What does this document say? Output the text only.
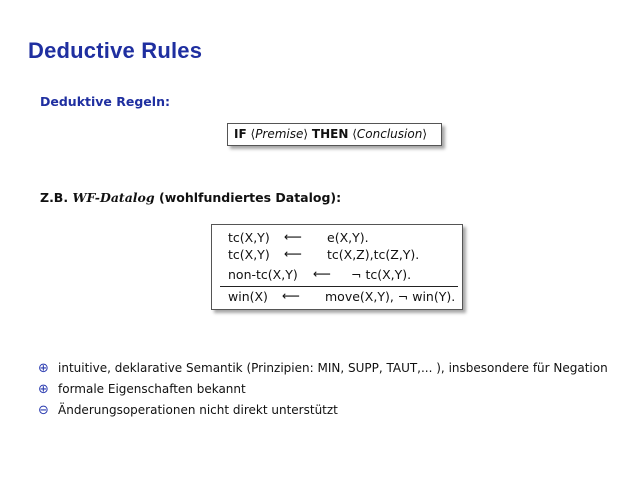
Deductive Rules
Deduktive Regeln:
IF ⟨Premise⟩ THEN ⟨Conclusion⟩
Z.B. WF-Datalog (wohlfundiertes Datalog):
tc(X,Y) ⟵ e(X,Y).
tc(X,Y) ⟵ tc(X,Z),tc(Z,Y).
non-tc(X,Y) ⟵ ¬ tc(X,Y).
win(X) ⟵ move(X,Y), ¬ win(Y).
⊕ intuitive, deklarative Semantik (Prinzipien: MIN, SUPP, TAUT,... ), insbesondere für Negation
⊕ formale Eigenschaften bekannt
⊖ Änderungsoperationen nicht direkt unterstützt
